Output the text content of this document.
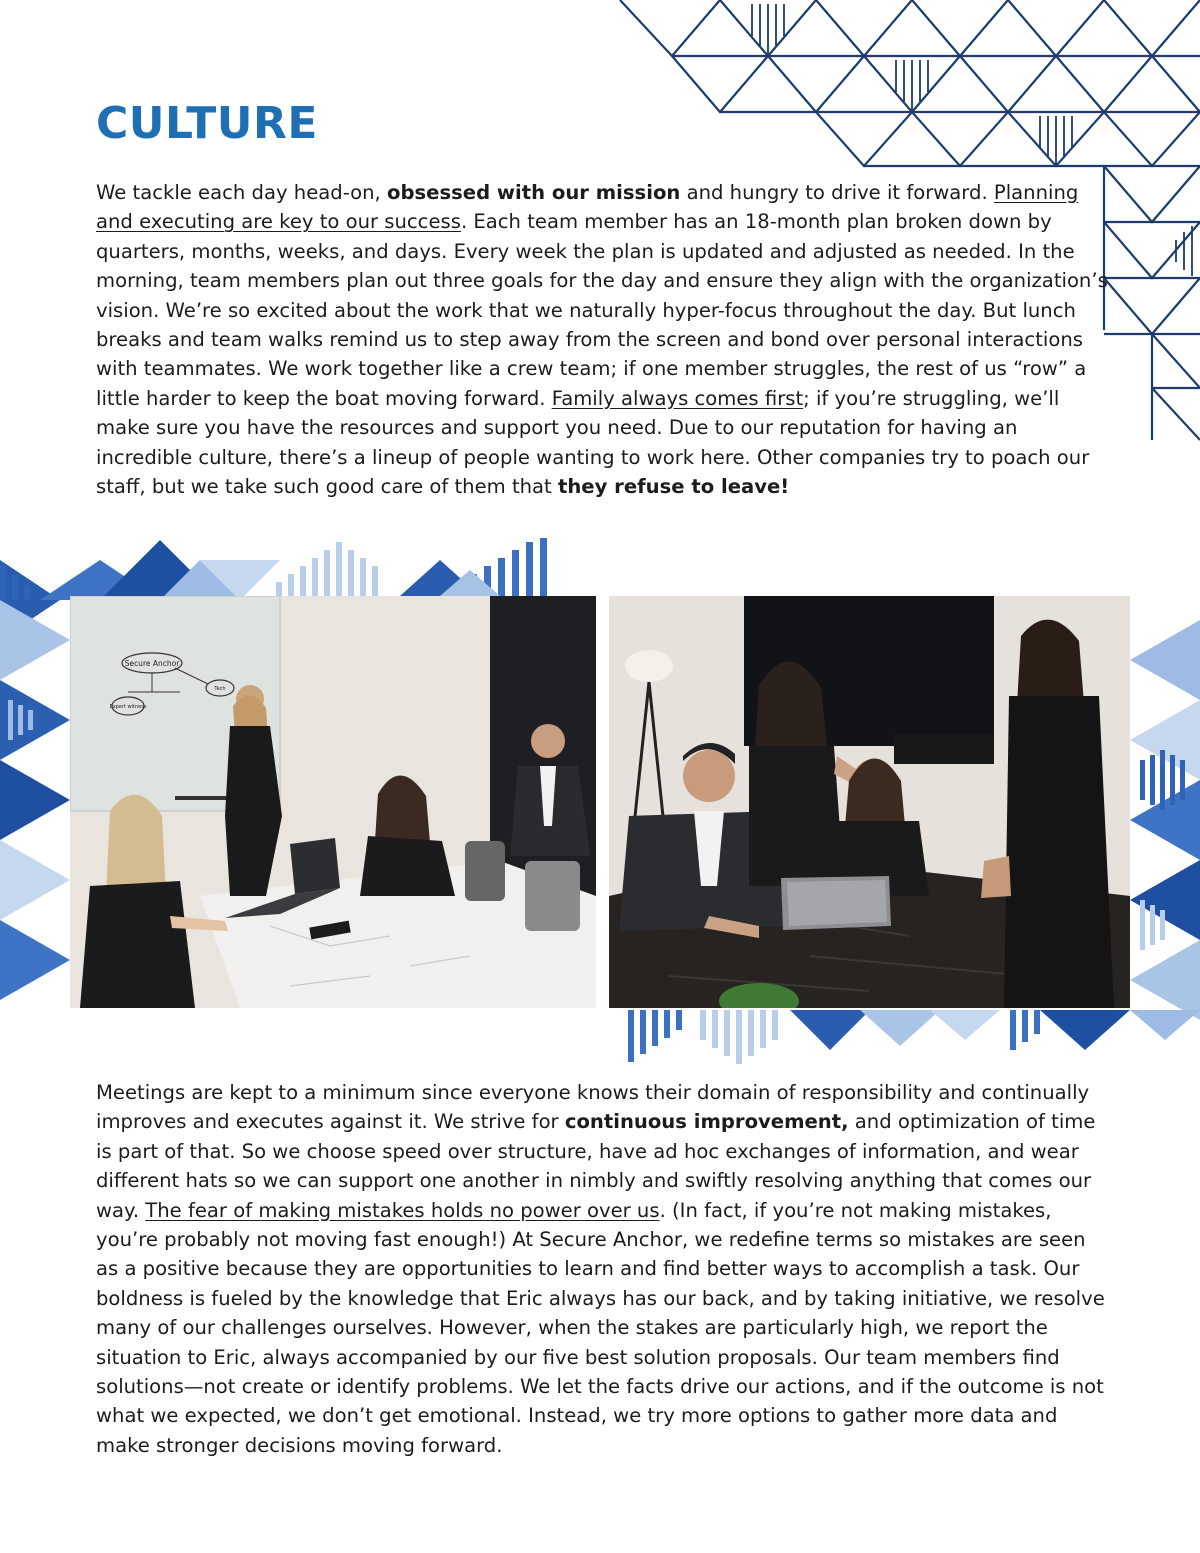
CULTURE

We tackle each day head-on, obsessed with our mission and hungry to drive it forward. Planning and executing are key to our success. Each team member has an 18-month plan broken down by quarters, months, weeks, and days. Every week the plan is updated and adjusted as needed. In the morning, team members plan out three goals for the day and ensure they align with the organization’s vision. We’re so excited about the work that we naturally hyper-focus throughout the day. But lunch breaks and team walks remind us to step away from the screen and bond over personal interactions with teammates. We work together like a crew team; if one member struggles, the rest of us “row” a little harder to keep the boat moving forward. Family always comes first; if you’re struggling, we’ll make sure you have the resources and support you need. Due to our reputation for having an incredible culture, there’s a lineup of people wanting to work here. Other companies try to poach our staff, but we take such good care of them that they refuse to leave!

Secure Anchor
Expert witness
Tech

Meetings are kept to a minimum since everyone knows their domain of responsibility and continually improves and executes against it. We strive for continuous improvement, and optimization of time is part of that. So we choose speed over structure, have ad hoc exchanges of information, and wear different hats so we can support one another in nimbly and swiftly resolving anything that comes our way. The fear of making mistakes holds no power over us. (In fact, if you’re not making mistakes, you’re probably not moving fast enough!) At Secure Anchor, we redefine terms so mistakes are seen as a positive because they are opportunities to learn and find better ways to accomplish a task. Our boldness is fueled by the knowledge that Eric always has our back, and by taking initiative, we resolve many of our challenges ourselves. However, when the stakes are particularly high, we report the situation to Eric, always accompanied by our five best solution proposals. Our team members find solutions—not create or identify problems. We let the facts drive our actions, and if the outcome is not what we expected, we don’t get emotional. Instead, we try more options to gather more data and make stronger decisions moving forward.
